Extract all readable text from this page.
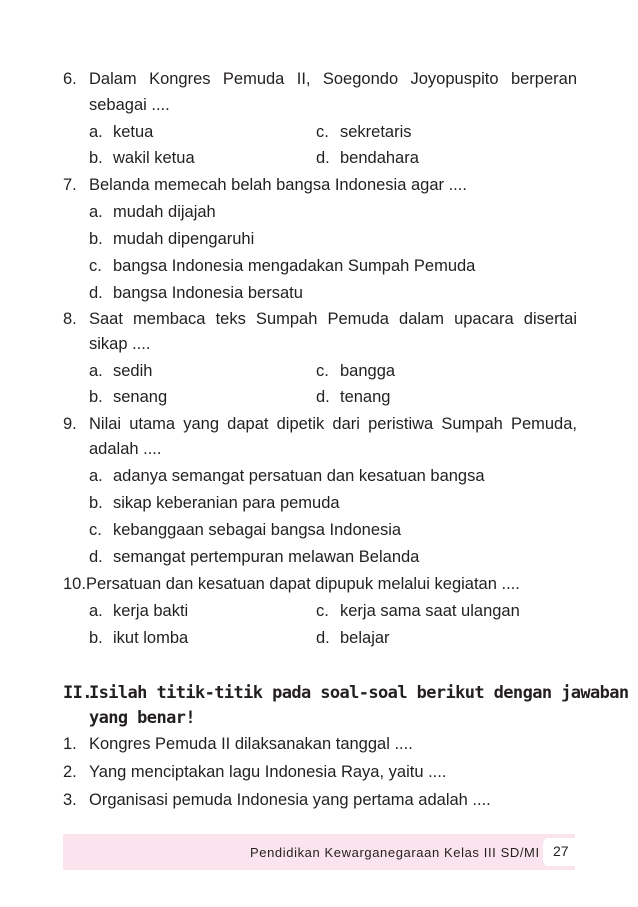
6. Dalam Kongres Pemuda II, Soegondo Joyopuspito berperan
sebagai ....
a. ketua	c. sekretaris
b. wakil ketua	d. bendahara
7. Belanda memecah belah bangsa Indonesia agar ....
a. mudah dijajah
b. mudah dipengaruhi
c. bangsa Indonesia mengadakan Sumpah Pemuda
d. bangsa Indonesia bersatu
8. Saat membaca teks Sumpah Pemuda dalam upacara disertai
sikap ....
a. sedih	c. bangga
b. senang	d. tenang
9. Nilai utama yang dapat dipetik dari peristiwa Sumpah Pemuda,
adalah ....
a. adanya semangat persatuan dan kesatuan bangsa
b. sikap keberanian para pemuda
c. kebanggaan sebagai bangsa Indonesia
d. semangat pertempuran melawan Belanda
10.Persatuan dan kesatuan dapat dipupuk melalui kegiatan ....
a. kerja bakti	c. kerja sama saat ulangan
b. ikut lomba	d. belajar
II.Isilah titik-titik pada soal-soal berikut dengan jawaban
yang benar!
1. Kongres Pemuda II dilaksanakan tanggal ....
2. Yang menciptakan lagu Indonesia Raya, yaitu ....
3. Organisasi pemuda Indonesia yang pertama adalah ....
Pendidikan Kewarganegaraan Kelas III SD/MI 27
